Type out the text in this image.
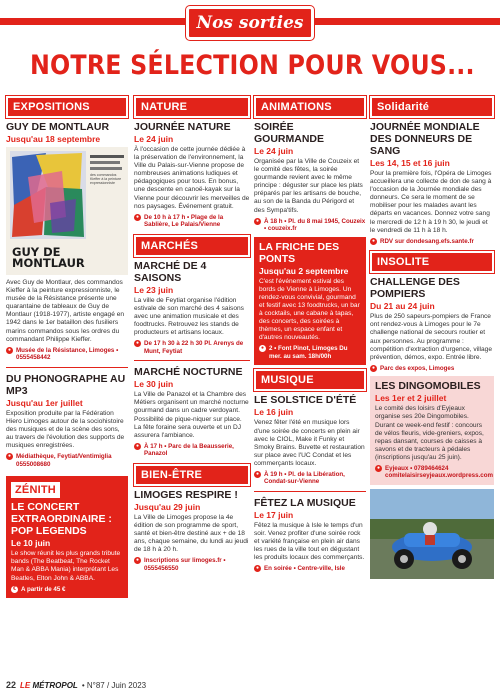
Nos sorties
NOTRE SÉLECTION POUR VOUS...
EXPOSITIONS
GUY DE MONTLAUR
Jusqu'au 18 septembre
GUY DE
MONTLAUR
des commandos Kieffer à la peinture expressionniste
Avec Guy de Montlaur, des commandos Kieffer à la peinture expressionniste, le musée de la Résistance présente une quarantaine de tableaux de Guy de Montlaur (1918-1977), artiste engagé en 1942 dans le 1er bataillon des fusiliers marins commandos sous les ordres du commandant Philippe Kieffer.
● Musée de la Résistance, Limoges • 0555458442
DU PHONOGRAPHE AU MP3
Jusqu'au 1er juillet
Exposition produite par la Fédération Hiero Limoges autour de la sociohistoire des musiques et de la scène des sons, au travers de l'évolution des supports de musiques enregistrées.
● Médiathèque, Feytiat/Ventimiglia 0555008680
ZÉNITH
LE CONCERT EXTRAORDINAIRE : POP LEGENDS
Le 10 juin
Le show réunit les plus grands tribute bands (The Beatbeat, The Rocket Man & ABBA Mania) interprétant Les Beatles, Elton John & ABBA.
€ A partir de 45 €
NATURE
JOURNÉE NATURE
Le 24 juin
À l'occasion de cette journée dédiée à la préservation de l'environnement, la Ville du Palais-sur-Vienne propose de nombreuses animations ludiques et pédagogiques pour tous. En bonus, une descente en canoë-kayak sur la Vienne pour découvrir les merveilles de nos paysages. Événement gratuit.
● De 10 h à 17 h • Plage de la Sablière, Le Palais/Vienne
MARCHÉS
MARCHÉ DE 4 SAISONS
Le 23 juin
La ville de Feytiat organise l'édition estivale de son marché des 4 saisons avec une animation musicale et des foodtrucks. Retrouvez les stands de producteurs et artisans locaux.
● De 17 h 30 à 22 h 30 Pl. Arenys de Munt, Feytiat
MARCHÉ NOCTURNE
Le 30 juin
La Ville de Panazol et la Chambre des Métiers organisent un marché nocturne gourmand dans un cadre verdoyant. Possibilité de pique-niquer sur place. La fête foraine sera ouverte et un DJ assurera l'ambiance.
● À 17 h • Parc de la Beausserie, Panazol
BIEN-ÊTRE
LIMOGES RESPIRE !
Jusqu'au 29 juin
La Ville de Limoges propose la 4e édition de son programme de sport, santé et bien-être destiné aux + de 18 ans, chaque semaine, du lundi au jeudi de 18 h à 20 h.
● Inscriptions sur limoges.fr • 0555456550
ANIMATIONS
SOIRÉE GOURMANDE
Le 24 juin
Organisée par la Ville de Couzeix et le comité des fêtes, la soirée gourmande revient avec le même principe : déguster sur place les plats préparés par les artisans de bouche, au son de la Banda du Périgord et des Sympa'tifs.
● À 18 h • Pl. du 8 mai 1945, Couzeix • couzeix.fr
LA FRICHE DES PONTS
Jusqu'au 2 septembre
C'est l'événement estival des bords de Vienne à Limoges. Un rendez-vous convivial, gourmand et festif avec 13 foodtrucks, un bar à cocktails, une cabane à tapas, des concerts, des soirées à thèmes, un espace enfant et d'autres nouveautés.
● 2 • Font Pinot, Limoges Du mer. au sam. 18h/00h
MUSIQUE
LE SOLSTICE D'ÉTÉ
Le 16 juin
Venez fêter l'été en musique lors d'une soirée de concerts en plein air avec le CIOL, Make it Funky et Smoky Brains. Buvette et restauration sur place avec l'UC Condat et les commerçants locaux.
● À 19 h • Pl. de la Libération, Condat-sur-Vienne
FÊTEZ LA MUSIQUE
Le 17 juin
Fêtez la musique à Isle le temps d'un soir. Venez profiter d'une soirée rock et variété française en plein air dans les rues de la ville tout en dégustant les produits locaux des commerçants.
● En soirée • Centre-ville, Isle
Solidarité
JOURNÉE MONDIALE DES DONNEURS DE SANG
Les 14, 15 et 16 juin
Pour la première fois, l'Opéra de Limoges accueillera une collecte de don de sang à l'occasion de la Journée mondiale des donneurs. Ce sera le moment de se mobiliser pour les malades avant les départs en vacances. Donnez votre sang le mercredi de 12 h à 19 h 30, le jeudi et le vendredi de 11 h à 18 h.
● RDV sur dondesang.efs.sante.fr
INSOLITE
CHALLENGE DES POMPIERS
Du 21 au 24 juin
Plus de 250 sapeurs-pompiers de France ont rendez-vous à Limoges pour le 7e challenge national de secours routier et aux personnes. Au programme : compétition d'extraction d'urgence, village prévention, démos, expo. Entrée libre.
● Parc des expos, Limoges
LES DINGOMOBILES
Les 1er et 2 juillet
Le comité des loisirs d'Eyjeaux organise ses 20e Dingomobiles. Durant ce week-end festif : concours de vélos fleuris, vide-greniers, expos, repas dansant, courses de caisses à savons et de tracteurs à pédales (inscriptions jusqu'au 25 juin).
● Eyjeaux • 0789464624 comitelaisirseyjeaux.wordpress.com
22 LE MÉTROPOL • N°87 / Juin 2023
